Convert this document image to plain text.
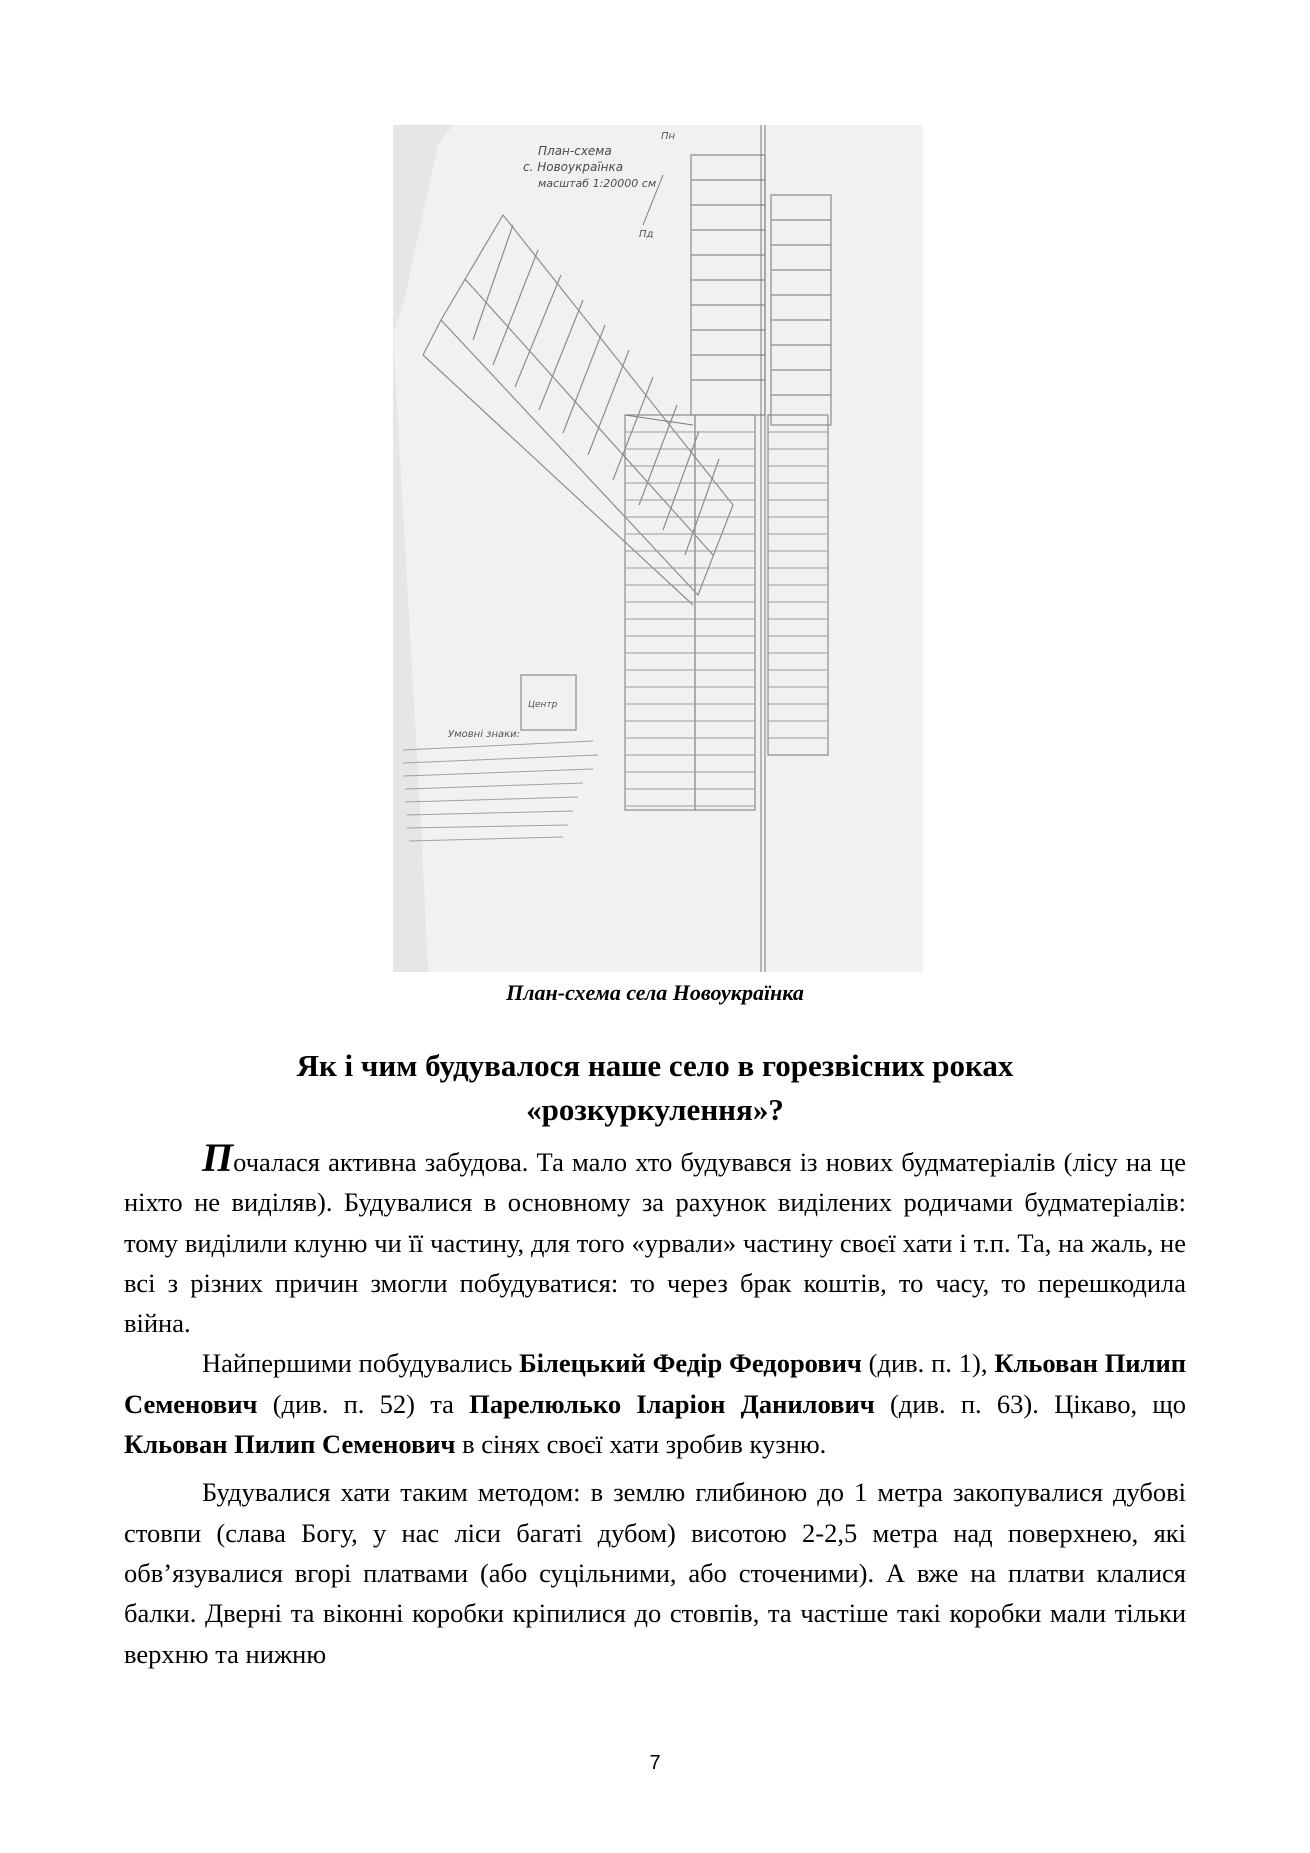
Центр
План-схема
с. Новоукраїнка
масштаб 1:20000 см
Пн
Пд
Умовні знаки:
План-схема села Новоукраїнка
Як і чим будувалося наше село в горезвісних роках
«розкуркулення»?

Почалася активна забудова. Та мало хто будувався із нових будматеріалів (лісу на це ніхто не виділяв). Будувалися в основному за рахунок виділених родичами будматеріалів: тому виділили клуню чи її частину, для того «урвали» частину своєї хати і т.п. Та, на жаль, не всі з різних причин змогли побудуватися: то через брак коштів, то часу, то перешкодила війна.

Найпершими побудувались Білецький Федір Федорович (див. п. 1), Кльован Пилип Семенович (див. п. 52) та Парелюлько Іларіон Данилович (див. п. 63). Цікаво, що Кльован Пилип Семенович в сінях своєї хати зробив кузню.

Будувалися хати таким методом: в землю глибиною до 1 метра закопувалися дубові стовпи (слава Богу, у нас ліси багаті дубом) висотою 2-2,5 метра над поверхнею, які обв’язувалися вгорі платвами (або суцільними, або сточеними). А вже на платви клалися балки. Дверні та віконні коробки кріпилися до стовпів, та частіше такі коробки мали тільки верхню та нижню

7
